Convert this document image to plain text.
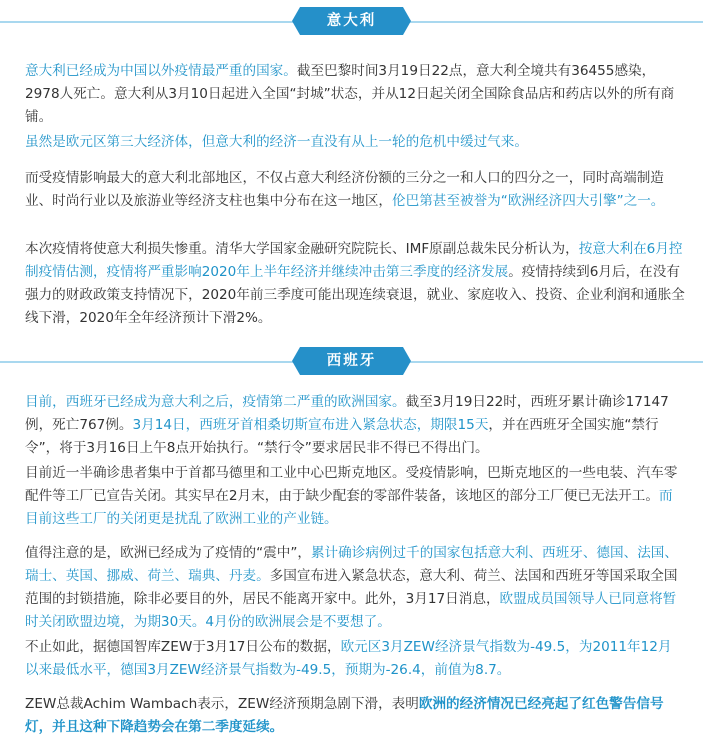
意大利

意大利已经成为中国以外疫情最严重的国家。截至巴黎时间3月19日22点，意大利全境共有36455感染，2978人死亡。意大利从3月10日起进入全国“封城”状态，并从12日起关闭全国除食品店和药店以外的所有商铺。

虽然是欧元区第三大经济体，但意大利的经济一直没有从上一轮的危机中缓过气来。

而受疫情影响最大的意大利北部地区，不仅占意大利经济份额的三分之一和人口的四分之一，同时高端制造业、时尚行业以及旅游业等经济支柱也集中分布在这一地区，伦巴第甚至被誉为“欧洲经济四大引擎”之一。

本次疫情将使意大利损失惨重。清华大学国家金融研究院院长、IMF原副总裁朱民分析认为，按意大利在6月控制疫情估测，疫情将严重影响2020年上半年经济并继续冲击第三季度的经济发展。疫情持续到6月后，在没有强力的财政政策支持情况下，2020年前三季度可能出现连续衰退，就业、家庭收入、投资、企业利润和通胀全线下滑，2020年全年经济预计下滑2%。

西班牙

目前，西班牙已经成为意大利之后，疫情第二严重的欧洲国家。截至3月19日22时，西班牙累计确诊17147例，死亡767例。3月14日，西班牙首相桑切斯宣布进入紧急状态，期限15天，并在西班牙全国实施“禁行令”，将于3月16日上午8点开始执行。“禁行令”要求居民非不得已不得出门。

目前近一半确诊患者集中于首都马德里和工业中心巴斯克地区。受疫情影响，巴斯克地区的一些电装、汽车零配件等工厂已宣告关闭。其实早在2月末，由于缺少配套的零部件装备，该地区的部分工厂便已无法开工。而目前这些工厂的关闭更是扰乱了欧洲工业的产业链。

值得注意的是，欧洲已经成为了疫情的“震中”，累计确诊病例过千的国家包括意大利、西班牙、德国、法国、瑞士、英国、挪威、荷兰、瑞典、丹麦。多国宣布进入紧急状态，意大利、荷兰、法国和西班牙等国采取全国范围的封锁措施，除非必要目的外，居民不能离开家中。此外，3月17日消息，欧盟成员国领导人已同意将暂时关闭欧盟边境，为期30天。4月份的欧洲展会是不要想了。

不止如此，据德国智库ZEW于3月17日公布的数据，欧元区3月ZEW经济景气指数为-49.5，为2011年12月以来最低水平，德国3月ZEW经济景气指数为-49.5，预期为-26.4，前值为8.7。

ZEW总裁Achim Wambach表示，ZEW经济预期急剧下滑，表明欧洲的经济情况已经亮起了红色警告信号灯，并且这种下降趋势会在第二季度延续。
